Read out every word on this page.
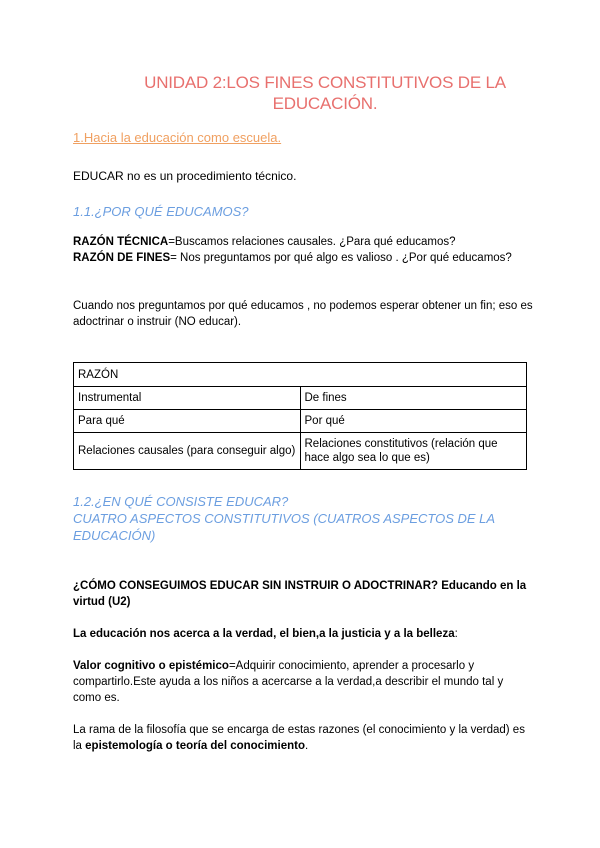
UNIDAD 2:LOS FINES CONSTITUTIVOS DE LA EDUCACIÓN.
1.Hacia la educación como escuela.
EDUCAR no es un procedimiento técnico.
1.1.¿POR QUÉ EDUCAMOS?
RAZÓN TÉCNICA=Buscamos relaciones causales. ¿Para qué educamos?
RAZÓN DE FINES= Nos preguntamos por qué algo es valioso . ¿Por qué educamos?
Cuando nos preguntamos por qué educamos , no podemos esperar obtener un fin; eso es adoctrinar o instruir (NO educar).
RAZÓN	
Instrumental	De fines
Para qué	Por qué
Relaciones causales (para conseguir algo)	Relaciones constitutivos (relación que hace algo sea lo que es)
1.2.¿EN QUÉ CONSISTE EDUCAR?
CUATRO ASPECTOS CONSTITUTIVOS (CUATROS ASPECTOS DE LA EDUCACIÓN)
¿CÓMO CONSEGUIMOS EDUCAR SIN INSTRUIR O ADOCTRINAR? Educando en la virtud (U2)
La educación nos acerca a la verdad, el bien,a la justicia y a la belleza:
Valor cognitivo o epistémico=Adquirir conocimiento, aprender a procesarlo y compartirlo.Este ayuda a los niños a acercarse a la verdad,a describir el mundo tal y como es.
La rama de la filosofía que se encarga de estas razones (el conocimiento y la verdad) es la epistemología o teoría del conocimiento.
